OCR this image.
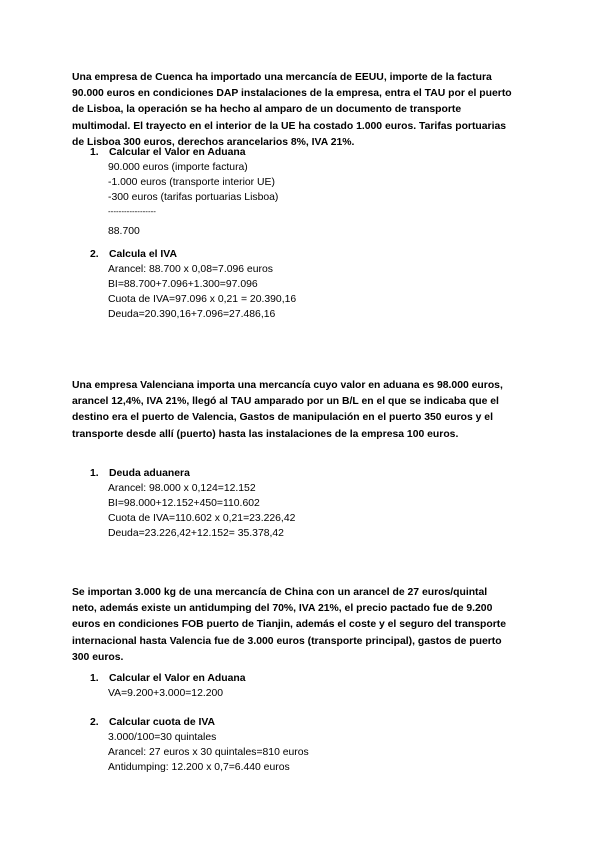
Una empresa de Cuenca ha importado una mercancía de EEUU, importe de la factura 90.000 euros en condiciones DAP instalaciones de la empresa, entra el TAU por el puerto de Lisboa, la operación se ha hecho al amparo de un documento de transporte multimodal. El trayecto en el interior de la UE ha costado 1.000 euros. Tarifas portuarias de Lisboa 300 euros, derechos arancelarios 8%, IVA 21%.

1. Calcular el Valor en Aduana
90.000 euros (importe factura)
-1.000 euros (transporte interior UE)
-300 euros (tarifas portuarias Lisboa)
------------------
88.700
2. Calcula el IVA
Arancel: 88.700 x 0,08=7.096 euros
BI=88.700+7.096+1.300=97.096
Cuota de IVA=97.096 x 0,21 = 20.390,16
Deuda=20.390,16+7.096=27.486,16

Una empresa Valenciana importa una mercancía cuyo valor en aduana es 98.000 euros, arancel 12,4%, IVA 21%, llegó al TAU amparado por un B/L en el que se indicaba que el destino era el puerto de Valencia, Gastos de manipulación en el puerto 350 euros y el transporte desde allí (puerto) hasta las instalaciones de la empresa 100 euros.

1. Deuda aduanera
Arancel: 98.000 x 0,124=12.152
BI=98.000+12.152+450=110.602
Cuota de IVA=110.602 x 0,21=23.226,42
Deuda=23.226,42+12.152= 35.378,42

Se importan 3.000 kg de una mercancía de China con un arancel de 27 euros/quintal neto, además existe un antidumping del 70%, IVA 21%, el precio pactado fue de 9.200 euros en condiciones FOB puerto de Tianjin, además el coste y el seguro del transporte internacional hasta Valencia fue de 3.000 euros (transporte principal), gastos de puerto 300 euros.

1. Calcular el Valor en Aduana
VA=9.200+3.000=12.200
2. Calcular cuota de IVA
3.000/100=30 quintales
Arancel: 27 euros x 30 quintales=810 euros
Antidumping: 12.200 x 0,7=6.440 euros
